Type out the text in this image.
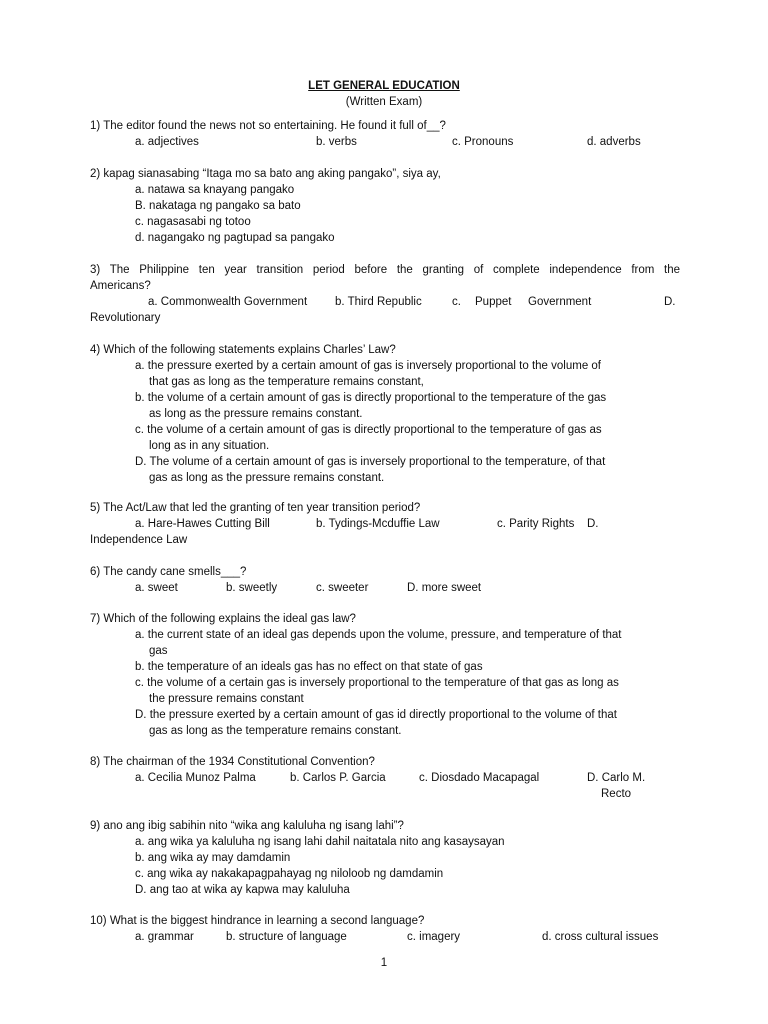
LET GENERAL EDUCATION
(Written Exam)
1) The editor found the news not so entertaining. He found it full of__?
a. adjectives	b. verbs	c. Pronouns	d. adverbs
2) kapag sianasabing “Itaga mo sa bato ang aking pangako”, siya ay,
a. natawa sa knayang pangako
B. nakataga ng pangako sa bato
c. nagasasabi ng totoo
d. nagangako ng pagtupad sa pangako
3) The Philippine ten year transition period before the granting of complete independence from the
Americans?
a. Commonwealth Government b. Third Republic	c. Puppet Government	D.
Revolutionary
4) Which of the following statements explains Charles’ Law?
a. the pressure exerted by a certain amount of gas is inversely proportional to the volume of
that gas as long as the temperature remains constant,
b. the volume of a certain amount of gas is directly proportional to the temperature of the gas
as long as the pressure remains constant.
c. the volume of a certain amount of gas is directly proportional to the temperature of gas as
long as in any situation.
D. The volume of a certain amount of gas is inversely proportional to the temperature, of that
gas as long as the pressure remains constant.
5) The Act/Law that led the granting of ten year transition period?
a. Hare-Hawes Cutting Bill	b. Tydings-Mcduffie Law	c. Parity Rights D.
Independence Law
6) The candy cane smells___?
a. sweet	b. sweetly	c. sweeter	D. more sweet
7) Which of the following explains the ideal gas law?
a. the current state of an ideal gas depends upon the volume, pressure, and temperature of that
gas
b. the temperature of an ideals gas has no effect on that state of gas
c. the volume of a certain gas is inversely proportional to the temperature of that gas as long as
the pressure remains constant
D. the pressure exerted by a certain amount of gas id directly proportional to the volume of that
gas as long as the temperature remains constant.
8) The chairman of the 1934 Constitutional Convention?
a. Cecilia Munoz Palma	b. Carlos P. Garcia	c. Diosdado Macapagal	D. Carlo M.
Recto
9) ano ang ibig sabihin nito “wika ang kaluluha ng isang lahi”?
a. ang wika ya kaluluha ng isang lahi dahil naitatala nito ang kasaysayan
b. ang wika ay may damdamin
c. ang wika ay nakakapagpahayag ng niloloob ng damdamin
D. ang tao at wika ay kapwa may kaluluha
10) What is the biggest hindrance in learning a second language?
a. grammar	b. structure of language	c. imagery	d. cross cultural issues
1
